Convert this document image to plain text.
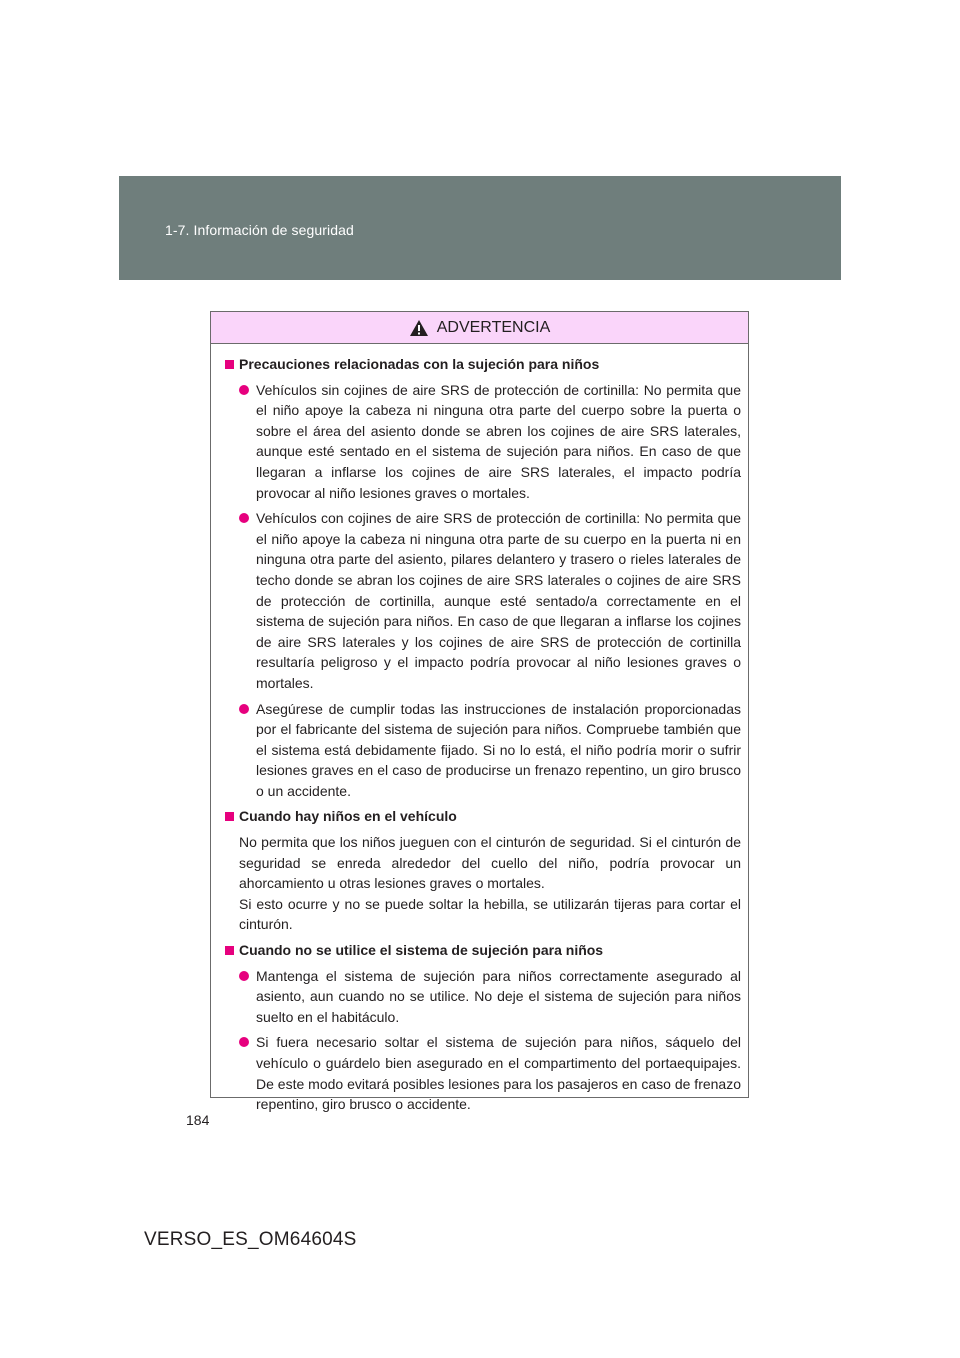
1-7. Información de seguridad
ADVERTENCIA
Precauciones relacionadas con la sujeción para niños
Vehículos sin cojines de aire SRS de protección de cortinilla: No permita que el niño apoye la cabeza ni ninguna otra parte del cuerpo sobre la puerta o sobre el área del asiento donde se abren los cojines de aire SRS laterales, aunque esté sentado en el sistema de sujeción para niños. En caso de que llegaran a inflarse los cojines de aire SRS laterales, el impacto podría provocar al niño lesiones graves o mortales.
Vehículos con cojines de aire SRS de protección de cortinilla: No permita que el niño apoye la cabeza ni ninguna otra parte de su cuerpo en la puerta ni en ninguna otra parte del asiento, pilares delantero y trasero o rieles laterales de techo donde se abran los cojines de aire SRS laterales o cojines de aire SRS de protección de cortinilla, aunque esté sentado/a correctamente en el sistema de sujeción para niños. En caso de que llegaran a inflarse los cojines de aire SRS laterales y los cojines de aire SRS de protección de cortinilla resultaría peligroso y el impacto podría provocar al niño lesiones graves o mortales.
Asegúrese de cumplir todas las instrucciones de instalación proporcionadas por el fabricante del sistema de sujeción para niños. Compruebe también que el sistema está debidamente fijado. Si no lo está, el niño podría morir o sufrir lesiones graves en el caso de producirse un frenazo repentino, un giro brusco o un accidente.
Cuando hay niños en el vehículo
No permita que los niños jueguen con el cinturón de seguridad. Si el cinturón de seguridad se enreda alrededor del cuello del niño, podría provocar un ahorcamiento u otras lesiones graves o mortales.
Si esto ocurre y no se puede soltar la hebilla, se utilizarán tijeras para cortar el cinturón.
Cuando no se utilice el sistema de sujeción para niños
Mantenga el sistema de sujeción para niños correctamente asegurado al asiento, aun cuando no se utilice. No deje el sistema de sujeción para niños suelto en el habitáculo.
Si fuera necesario soltar el sistema de sujeción para niños, sáquelo del vehículo o guárdelo bien asegurado en el compartimento del portaequipajes. De este modo evitará posibles lesiones para los pasajeros en caso de frenazo repentino, giro brusco o accidente.
184
VERSO_ES_OM64604S
